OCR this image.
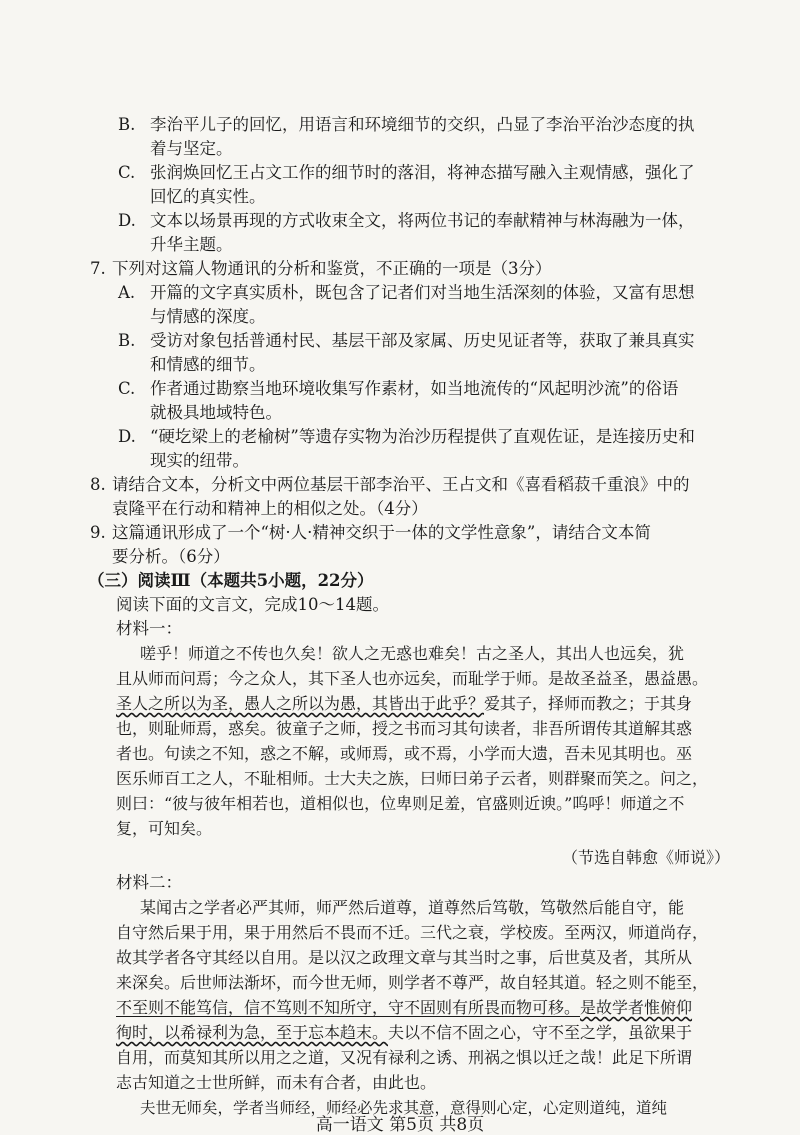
B. 李治平儿子的回忆，用语言和环境细节的交织，凸显了李治平治沙态度的执
着与坚定。
C. 张润焕回忆王占文工作的细节时的落泪，将神态描写融入主观情感，强化了
回忆的真实性。
D. 文本以场景再现的方式收束全文，将两位书记的奉献精神与林海融为一体，
升华主题。
7. 下列对这篇人物通讯的分析和鉴赏，不正确的一项是（3分）
A. 开篇的文字真实质朴，既包含了记者们对当地生活深刻的体验，又富有思想
与情感的深度。
B. 受访对象包括普通村民、基层干部及家属、历史见证者等，获取了兼具真实
和情感的细节。
C. 作者通过勘察当地环境收集写作素材，如当地流传的“风起明沙流”的俗语
就极具地域特色。
D. “硬圪梁上的老榆树”等遗存实物为治沙历程提供了直观佐证，是连接历史和
现实的纽带。
8. 请结合文本，分析文中两位基层干部李治平、王占文和《喜看稻菽千重浪》中的
袁隆平在行动和精神上的相似之处。（4分）
9. 这篇通讯形成了一个“树·人·精神交织于一体的文学性意象”，请结合文本简
要分析。（6分）
（三）阅读Ⅲ（本题共5小题，22分）
阅读下面的文言文，完成10～14题。
材料一：
嗟乎！师道之不传也久矣！欲人之无惑也难矣！古之圣人，其出人也远矣，犹
且从师而问焉；今之众人，其下圣人也亦远矣，而耻学于师。是故圣益圣，愚益愚。
圣人之所以为圣，愚人之所以为愚，其皆出于此乎？爱其子，择师而教之；于其身
也，则耻师焉，惑矣。彼童子之师，授之书而习其句读者，非吾所谓传其道解其惑
者也。句读之不知，惑之不解，或师焉，或不焉，小学而大遗，吾未见其明也。巫
医乐师百工之人，不耻相师。士大夫之族，曰师曰弟子云者，则群聚而笑之。问之，
则曰：“彼与彼年相若也，道相似也，位卑则足羞，官盛则近谀。”呜呼！师道之不
复，可知矣。
（节选自韩愈《师说》）
材料二：
某闻古之学者必严其师，师严然后道尊，道尊然后笃敬，笃敬然后能自守，能
自守然后果于用，果于用然后不畏而不迁。三代之衰，学校废。至两汉，师道尚存，
故其学者各守其经以自用。是以汉之政理文章与其当时之事，后世莫及者，其所从
来深矣。后世师法渐坏，而今世无师，则学者不尊严，故自轻其道。轻之则不能至，
不至则不能笃信，信不笃则不知所守，守不固则有所畏而物可移。是故学者惟俯仰
徇时，以希禄利为急，至于忘本趋末。夫以不信不固之心，守不至之学，虽欲果于
自用，而莫知其所以用之之道，又况有禄利之诱、刑祸之惧以迁之哉！此足下所谓
志古知道之士世所鲜，而未有合者，由此也。
夫世无师矣，学者当师经，师经必先求其意，意得则心定，心定则道纯，道纯
高一语文 第5页 共8页
